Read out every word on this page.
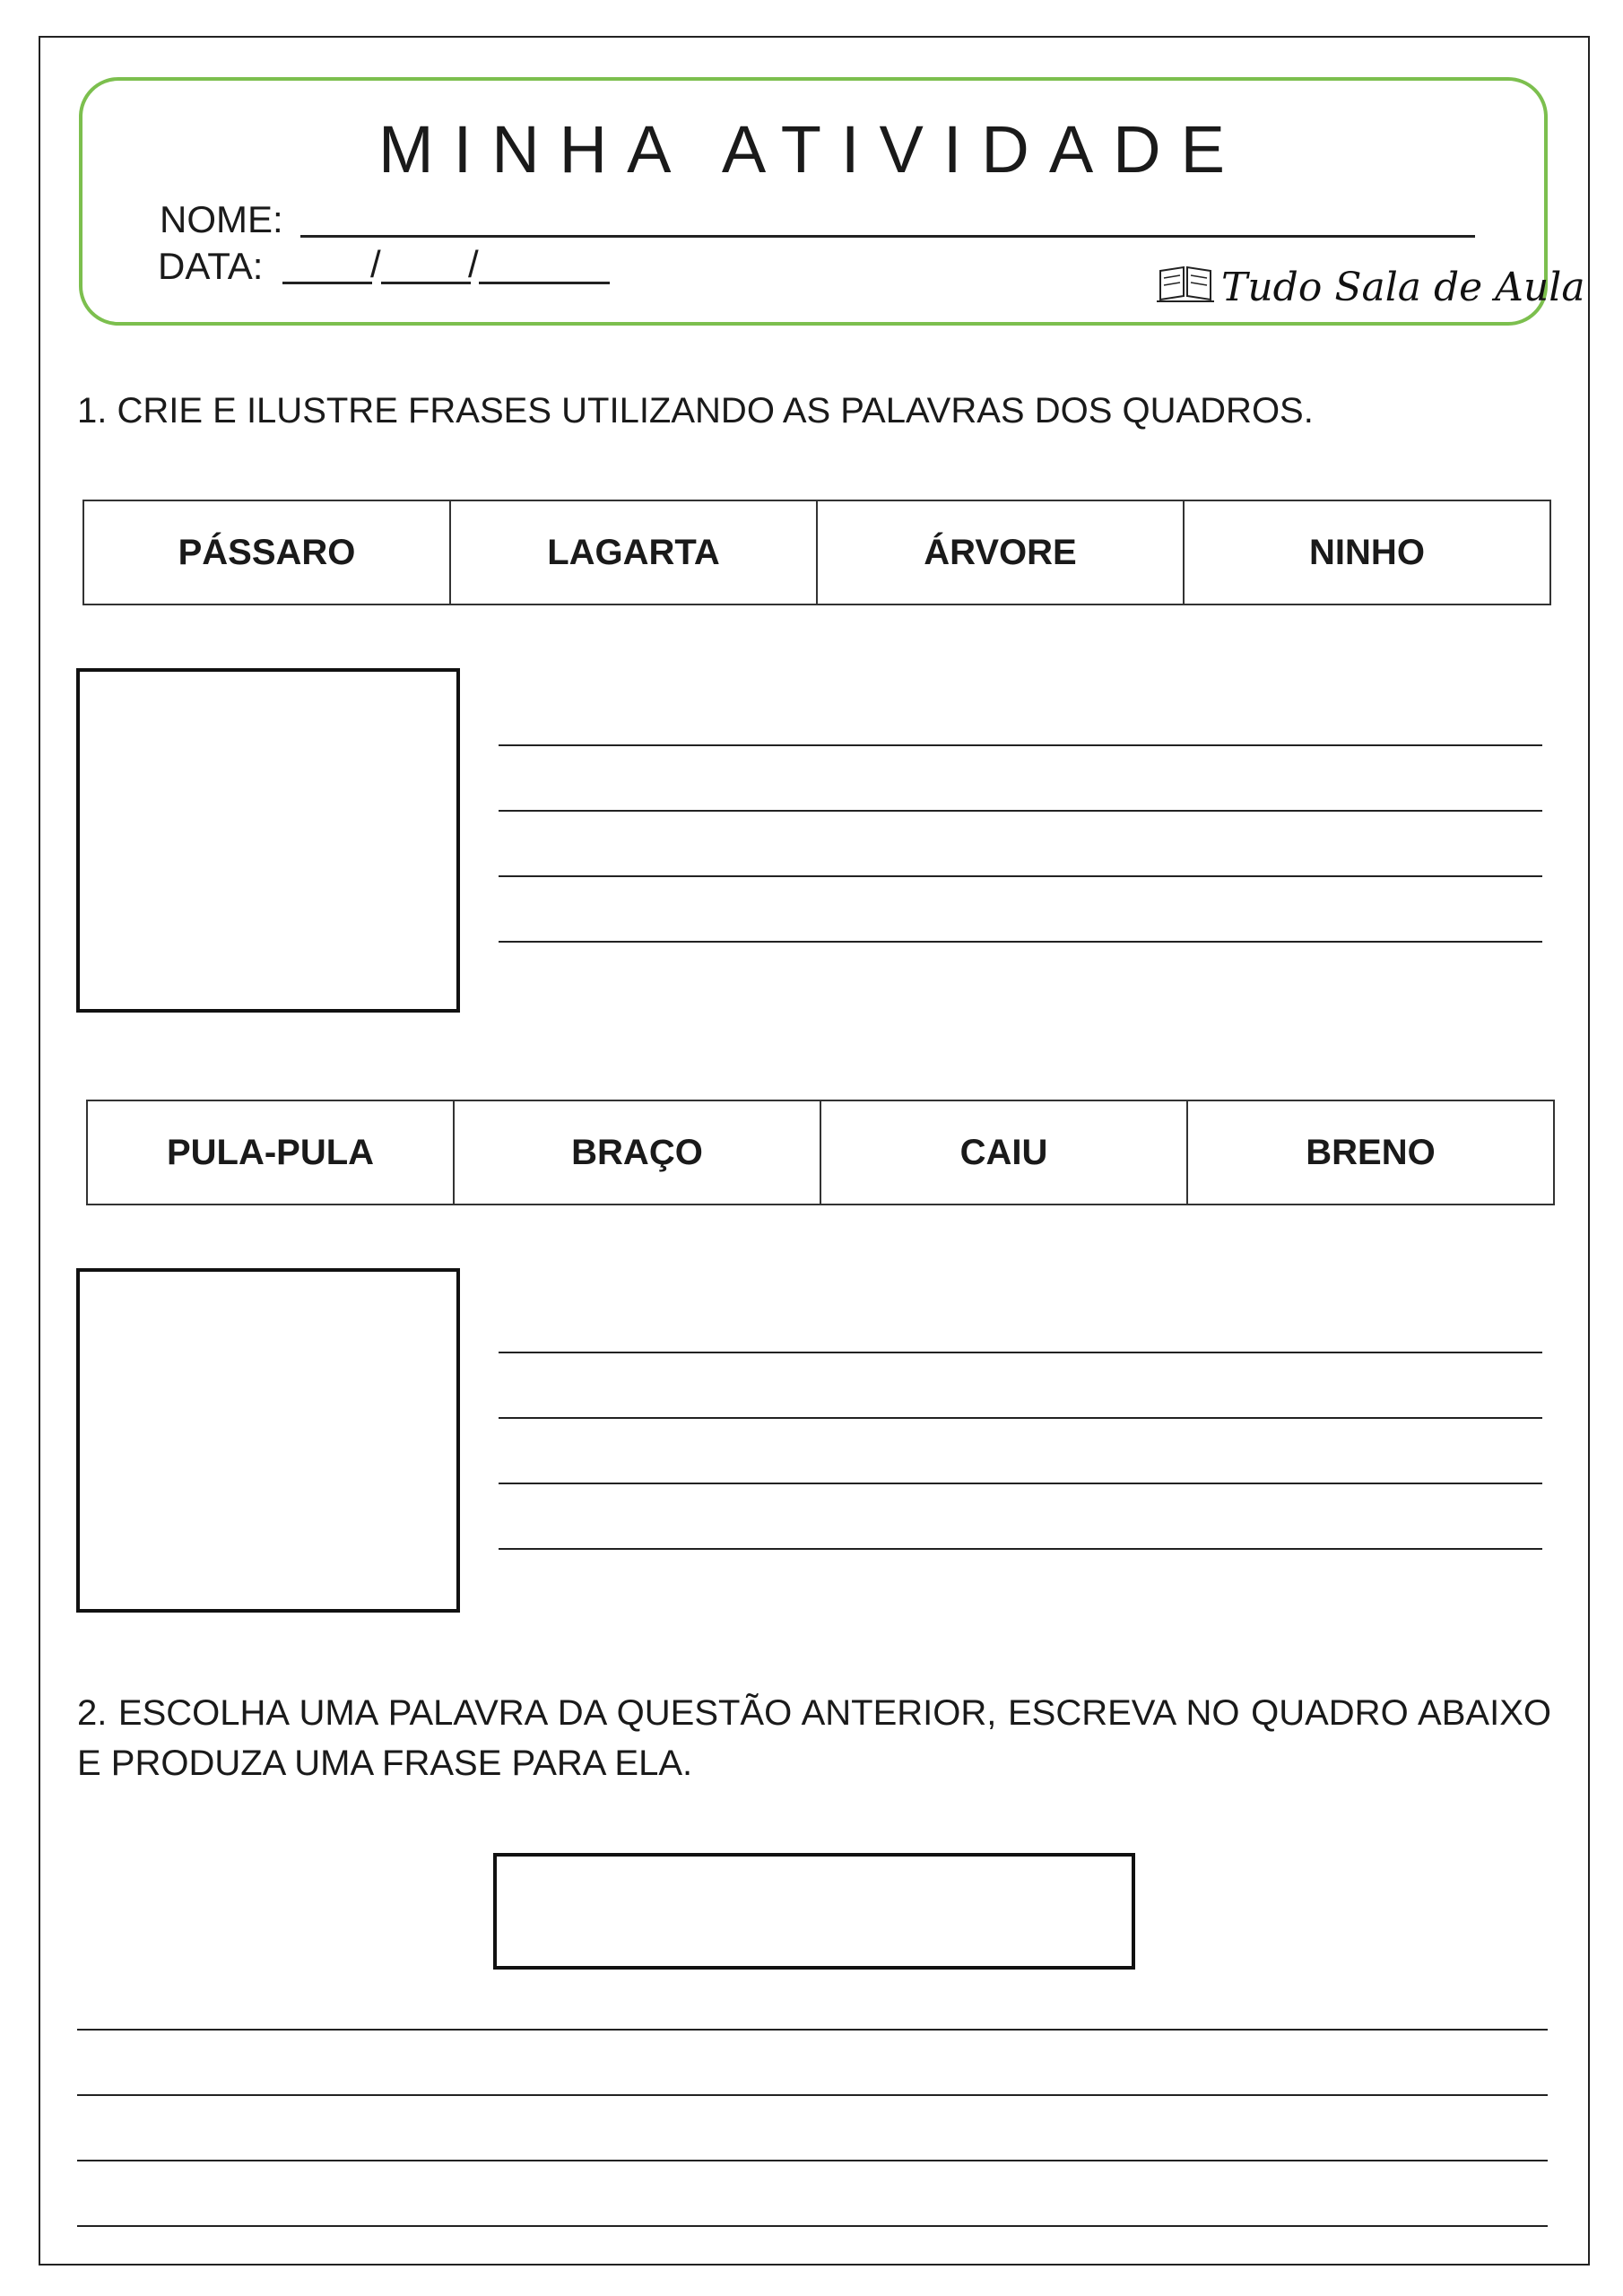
MINHA ATIVIDADE
NOME:
DATA:	/ /
Tudo Sala de Aula
1. CRIE E ILUSTRE FRASES UTILIZANDO AS PALAVRAS DOS QUADROS.
PÁSSARO	LAGARTA	ÁRVORE	NINHO
PULA-PULA	BRAÇO	CAIU	BRENO
2. ESCOLHA UMA PALAVRA DA QUESTÃO ANTERIOR, ESCREVA NO QUADRO ABAIXO E PRODUZA UMA FRASE PARA ELA.
